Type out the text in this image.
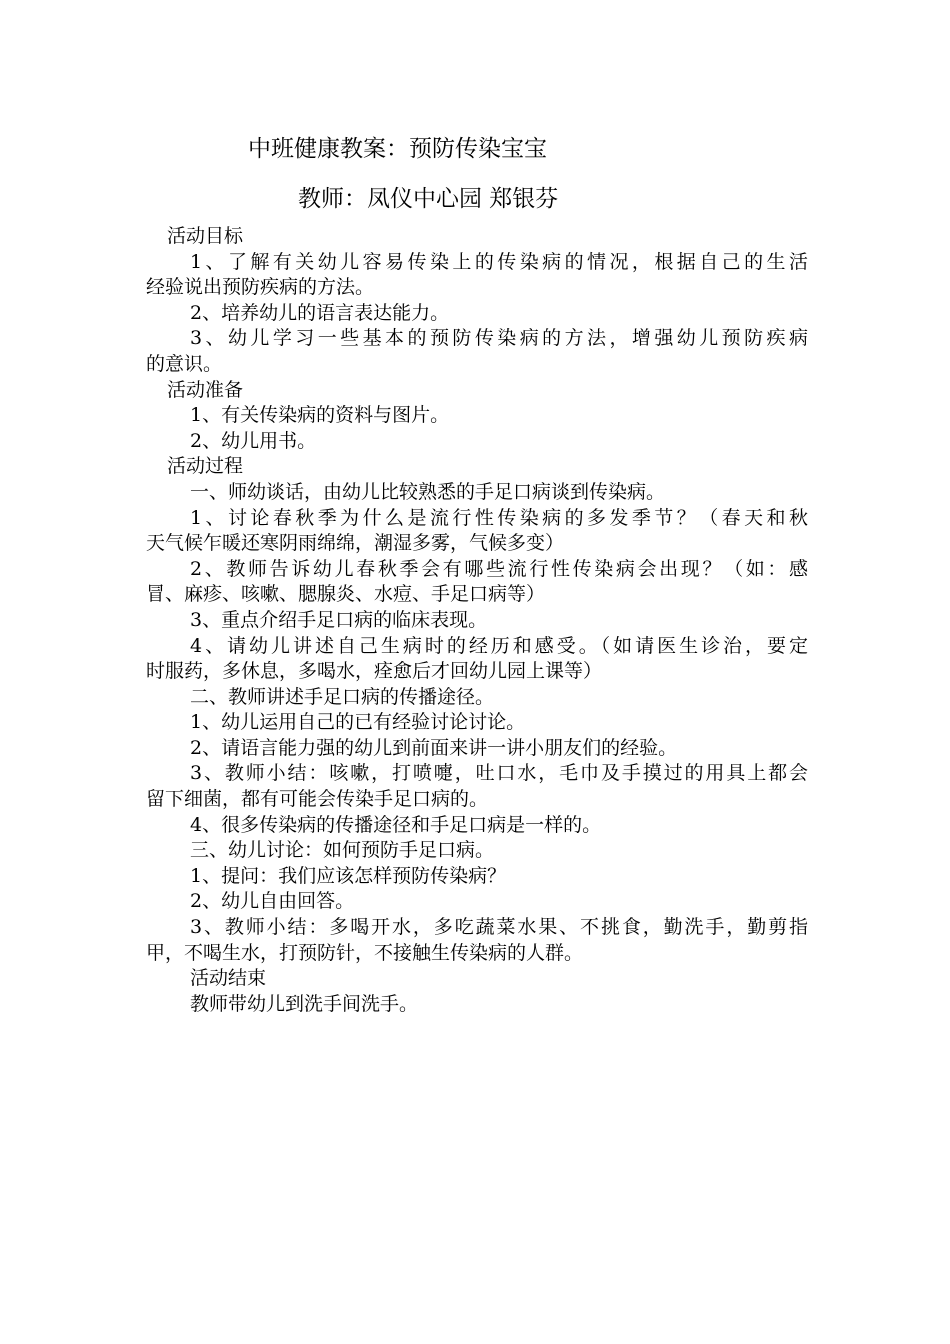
中班健康教案：预防传染宝宝
教师：凤仪中心园 郑银芬
活动目标
1、了解有关幼儿容易传染上的传染病的情况，根据自己的生活
经验说出预防疾病的方法。
2、培养幼儿的语言表达能力。
3、幼儿学习一些基本的预防传染病的方法，增强幼儿预防疾病
的意识。
活动准备
1、有关传染病的资料与图片。
2、幼儿用书。
活动过程
一、师幼谈话，由幼儿比较熟悉的手足口病谈到传染病。
1、讨论春秋季为什么是流行性传染病的多发季节？（春天和秋
天气候乍暖还寒阴雨绵绵，潮湿多雾，气候多变）
2、教师告诉幼儿春秋季会有哪些流行性传染病会出现？（如：感
冒、麻疹、咳嗽、腮腺炎、水痘、手足口病等）
3、重点介绍手足口病的临床表现。
4、请幼儿讲述自己生病时的经历和感受。（如请医生诊治，要定
时服药，多休息，多喝水，痊愈后才回幼儿园上课等）
二、教师讲述手足口病的传播途径。
1、幼儿运用自己的已有经验讨论讨论。
2、请语言能力强的幼儿到前面来讲一讲小朋友们的经验。
3、教师小结：咳嗽，打喷嚏，吐口水，毛巾及手摸过的用具上都会
留下细菌，都有可能会传染手足口病的。
4、很多传染病的传播途径和手足口病是一样的。
三、幼儿讨论：如何预防手足口病。
1、提问：我们应该怎样预防传染病？
2、幼儿自由回答。
3、教师小结：多喝开水，多吃蔬菜水果、不挑食，勤洗手，勤剪指
甲，不喝生水，打预防针，不接触生传染病的人群。
活动结束
教师带幼儿到洗手间洗手。
